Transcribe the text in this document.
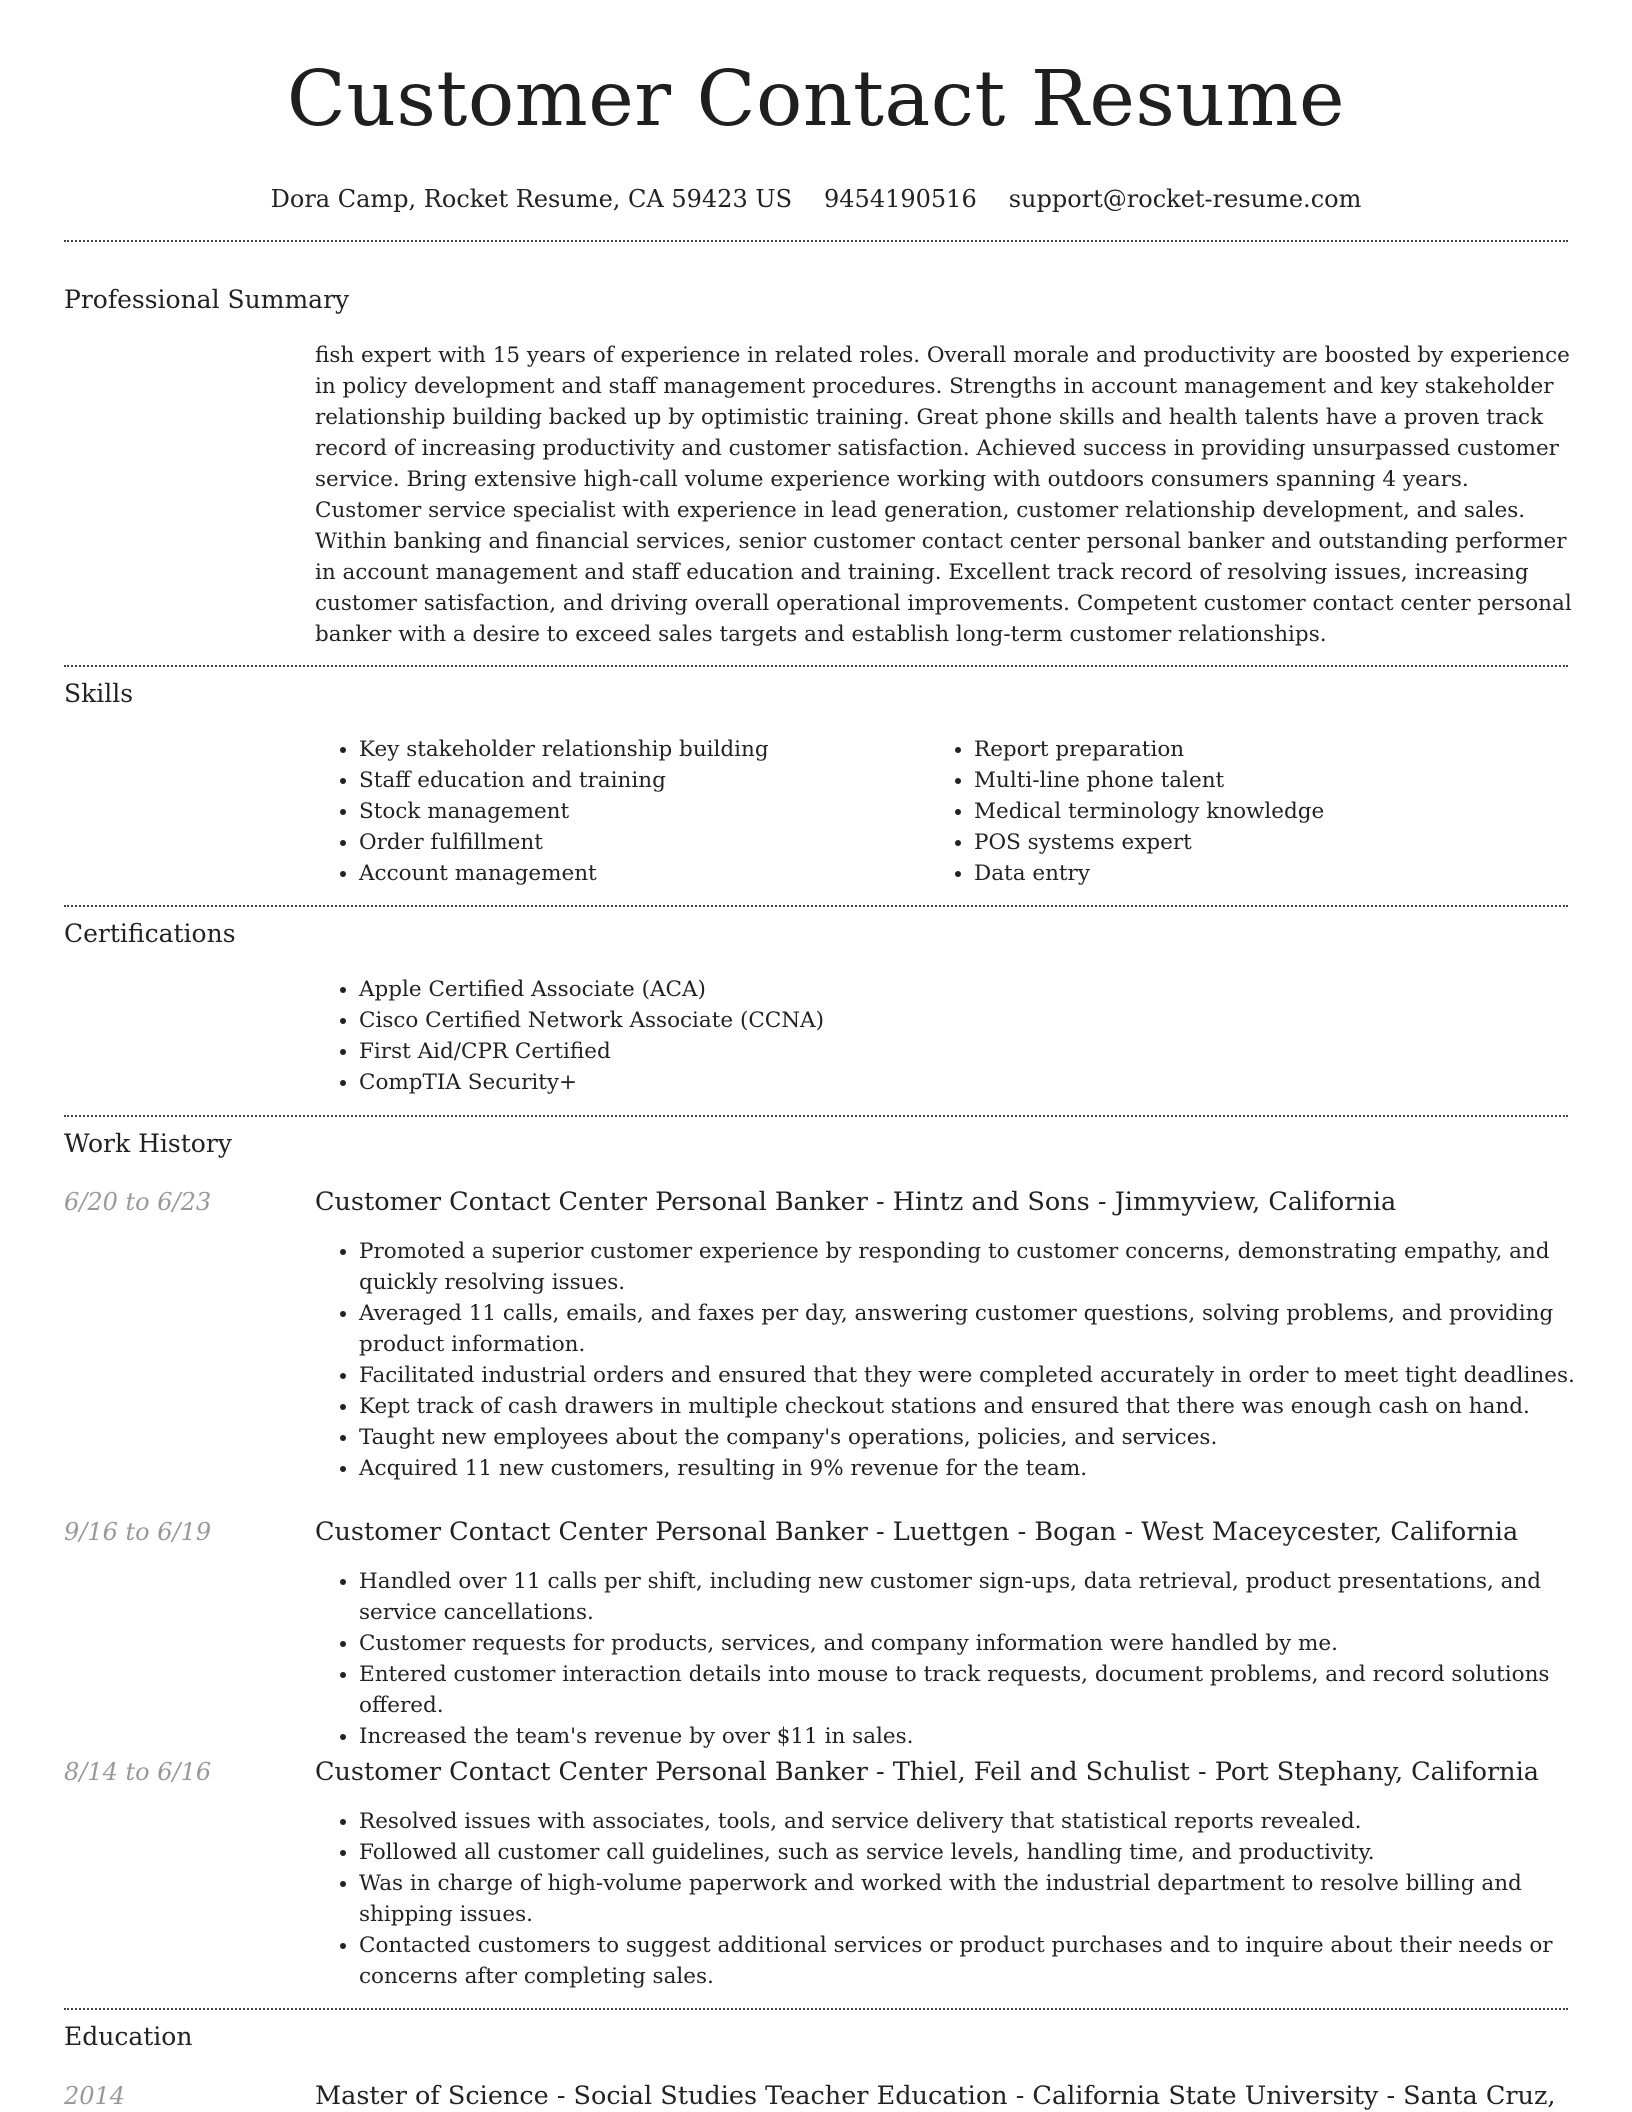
Customer Contact Resume
Dora Camp, Rocket Resume, CA 59423 US 9454190516 support@rocket-resume.com
Professional Summary
fish expert with 15 years of experience in related roles. Overall morale and productivity are boosted by experience in policy development and staff management procedures. Strengths in account management and key stakeholder relationship building backed up by optimistic training. Great phone skills and health talents have a proven track record of increasing productivity and customer satisfaction. Achieved success in providing unsurpassed customer service. Bring extensive high-call volume experience working with outdoors consumers spanning 4 years. Customer service specialist with experience in lead generation, customer relationship development, and sales. Within banking and financial services, senior customer contact center personal banker and outstanding performer in account management and staff education and training. Excellent track record of resolving issues, increasing customer satisfaction, and driving overall operational improvements. Competent customer contact center personal banker with a desire to exceed sales targets and establish long-term customer relationships.
Skills
• Key stakeholder relationship building
• Staff education and training
• Stock management
• Order fulfillment
• Account management
• Report preparation
• Multi-line phone talent
• Medical terminology knowledge
• POS systems expert
• Data entry
Certifications
• Apple Certified Associate (ACA)
• Cisco Certified Network Associate (CCNA)
• First Aid/CPR Certified
• CompTIA Security+
Work History
6/20 to 6/23	Customer Contact Center Personal Banker - Hintz and Sons - Jimmyview, California
• Promoted a superior customer experience by responding to customer concerns, demonstrating empathy, and quickly resolving issues.
• Averaged 11 calls, emails, and faxes per day, answering customer questions, solving problems, and providing product information.
• Facilitated industrial orders and ensured that they were completed accurately in order to meet tight deadlines.
• Kept track of cash drawers in multiple checkout stations and ensured that there was enough cash on hand.
• Taught new employees about the company's operations, policies, and services.
• Acquired 11 new customers, resulting in 9% revenue for the team.
9/16 to 6/19	Customer Contact Center Personal Banker - Luettgen - Bogan - West Maceycester, California
• Handled over 11 calls per shift, including new customer sign-ups, data retrieval, product presentations, and service cancellations.
• Customer requests for products, services, and company information were handled by me.
• Entered customer interaction details into mouse to track requests, document problems, and record solutions offered.
• Increased the team's revenue by over $11 in sales.
8/14 to 6/16	Customer Contact Center Personal Banker - Thiel, Feil and Schulist - Port Stephany, California
• Resolved issues with associates, tools, and service delivery that statistical reports revealed.
• Followed all customer call guidelines, such as service levels, handling time, and productivity.
• Was in charge of high-volume paperwork and worked with the industrial department to resolve billing and shipping issues.
• Contacted customers to suggest additional services or product purchases and to inquire about their needs or concerns after completing sales.
Education
2014	Master of Science - Social Studies Teacher Education - California State University - Santa Cruz,
